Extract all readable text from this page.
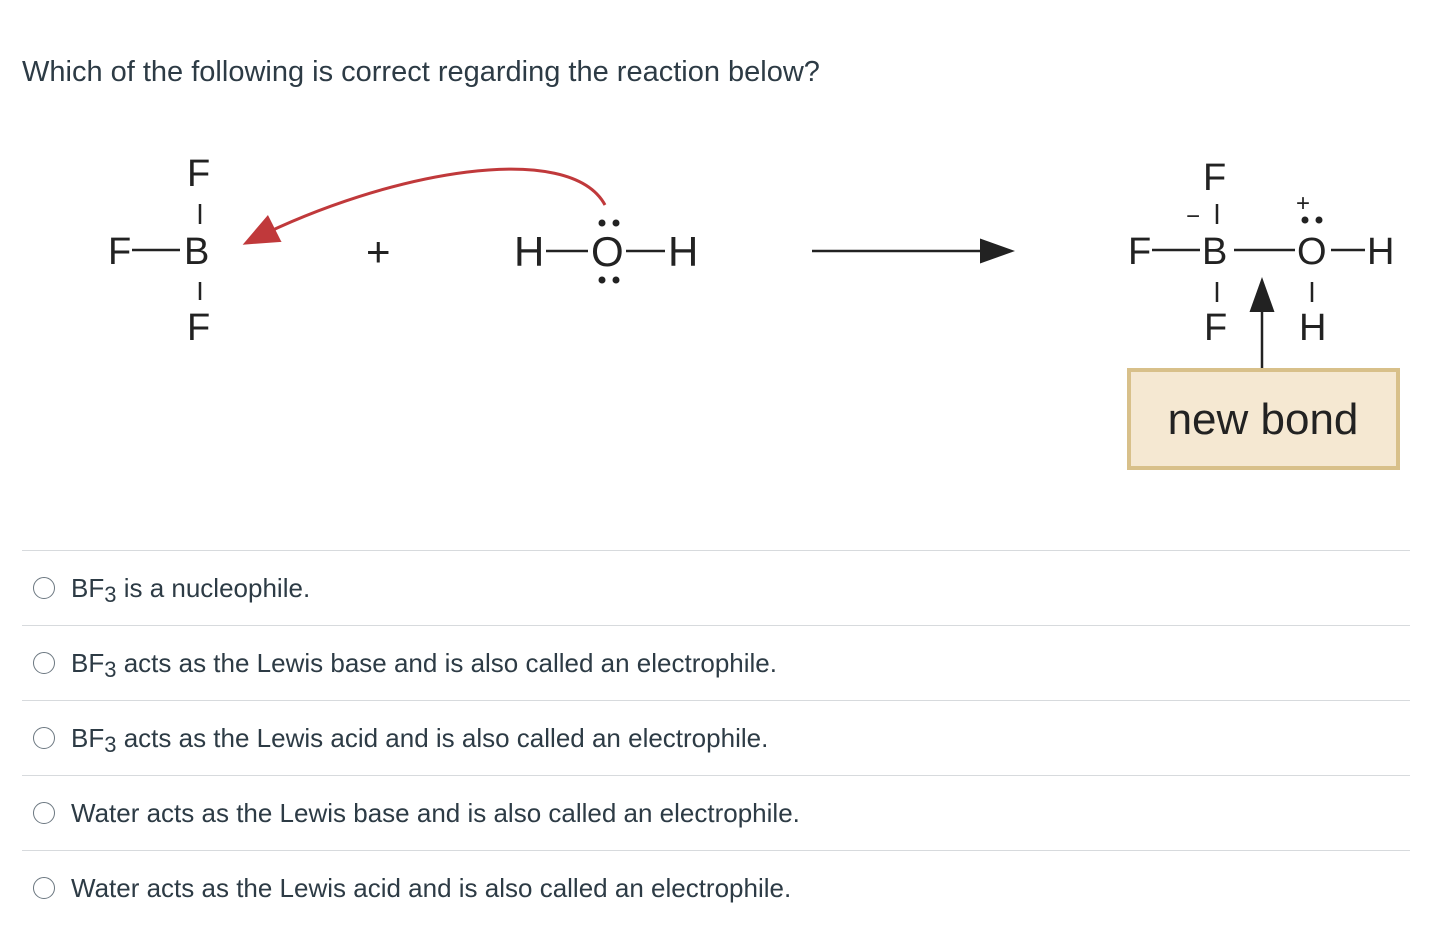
Which of the following is correct regarding the reaction below?
F
F B
F
+	H O H
F
F
−
B
+
O H
F H
new bond
BF3 is a nucleophile.
BF3 acts as the Lewis base and is also called an electrophile.
BF3 acts as the Lewis acid and is also called an electrophile.
Water acts as the Lewis base and is also called an electrophile.
Water acts as the Lewis acid and is also called an electrophile.
